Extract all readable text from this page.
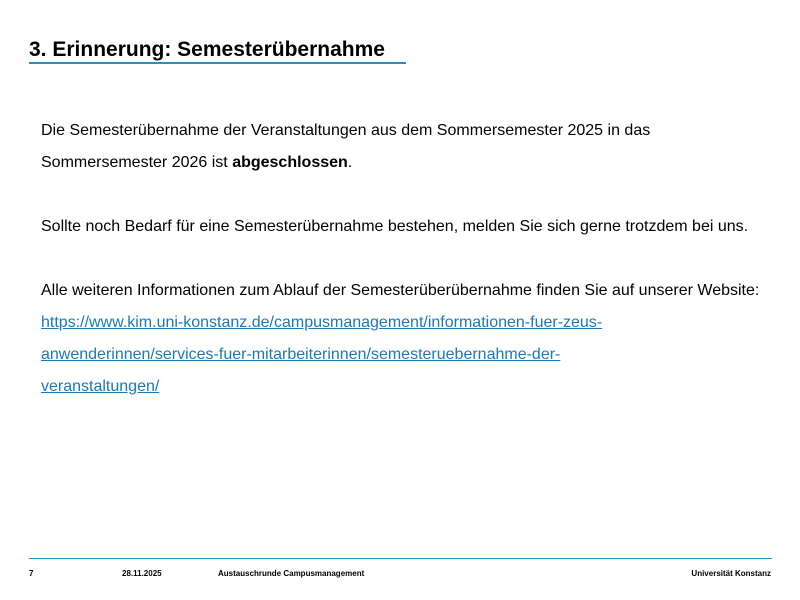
3. Erinnerung: Semesterübernahme

Die Semesterübernahme der Veranstaltungen aus dem Sommersemester 2025 in das Sommersemester 2026 ist abgeschlossen.

Sollte noch Bedarf für eine Semesterübernahme bestehen, melden Sie sich gerne trotzdem bei uns.

Alle weiteren Informationen zum Ablauf der Semesterüberübernahme finden Sie auf unserer Website:

https://www.kim.uni-konstanz.de/campusmanagement/informationen-fuer-zeus-
anwenderinnen/services-fuer-mitarbeiterinnen/semesteruebernahme-der-
veranstaltungen/
7	28.11.2025	Austauschrunde Campusmanagement	Universität Konstanz
